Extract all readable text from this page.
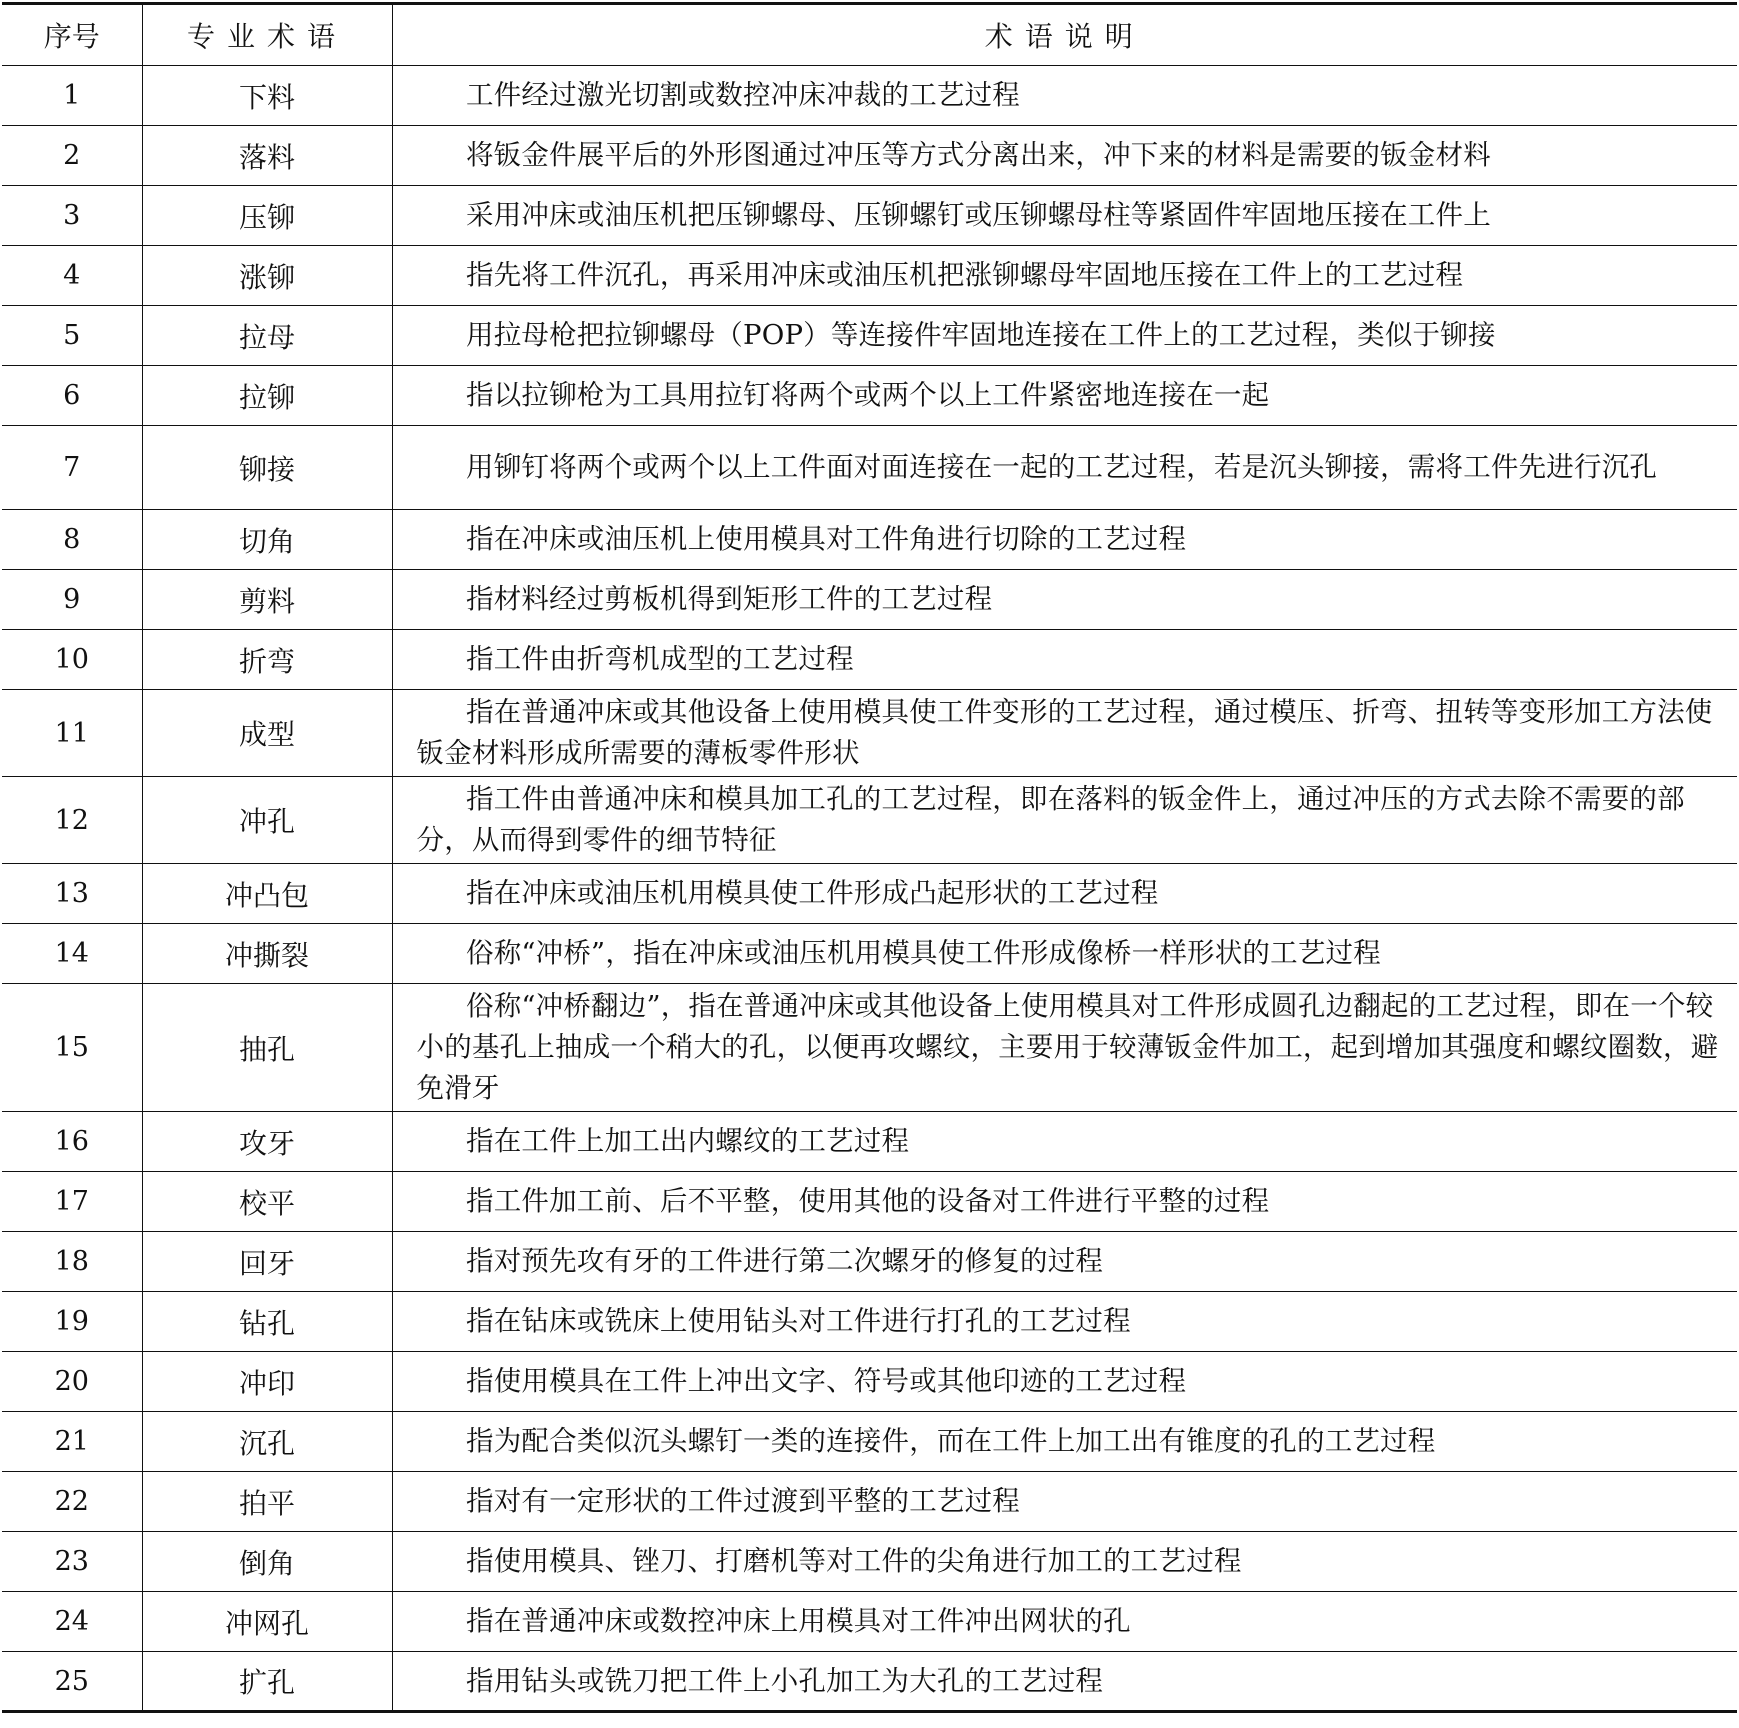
序号	专业术语	术语说明
1	下料	工件经过激光切割或数控冲床冲裁的工艺过程
2	落料	将钣金件展平后的外形图通过冲压等方式分离出来，冲下来的材料是需要的钣金材料
3	压铆	采用冲床或油压机把压铆螺母、压铆螺钉或压铆螺母柱等紧固件牢固地压接在工件上
4	涨铆	指先将工件沉孔，再采用冲床或油压机把涨铆螺母牢固地压接在工件上的工艺过程
5	拉母	用拉母枪把拉铆螺母（POP）等连接件牢固地连接在工件上的工艺过程，类似于铆接
6	拉铆	指以拉铆枪为工具用拉钉将两个或两个以上工件紧密地连接在一起
7	铆接	用铆钉将两个或两个以上工件面对面连接在一起的工艺过程，若是沉头铆接，需将工件先进行沉孔
8	切角	指在冲床或油压机上使用模具对工件角进行切除的工艺过程
9	剪料	指材料经过剪板机得到矩形工件的工艺过程
10	折弯	指工件由折弯机成型的工艺过程
11	成型	指在普通冲床或其他设备上使用模具使工件变形的工艺过程，通过模压、折弯、扭转等变形加工方法使钣金材料形成所需要的薄板零件形状
12	冲孔	指工件由普通冲床和模具加工孔的工艺过程，即在落料的钣金件上，通过冲压的方式去除不需要的部分，从而得到零件的细节特征
13	冲凸包	指在冲床或油压机用模具使工件形成凸起形状的工艺过程
14	冲撕裂	俗称“冲桥”，指在冲床或油压机用模具使工件形成像桥一样形状的工艺过程
15	抽孔	俗称“冲桥翻边”，指在普通冲床或其他设备上使用模具对工件形成圆孔边翻起的工艺过程，即在一个较小的基孔上抽成一个稍大的孔，以便再攻螺纹，主要用于较薄钣金件加工，起到增加其强度和螺纹圈数，避免滑牙
16	攻牙	指在工件上加工出内螺纹的工艺过程
17	校平	指工件加工前、后不平整，使用其他的设备对工件进行平整的过程
18	回牙	指对预先攻有牙的工件进行第二次螺牙的修复的过程
19	钻孔	指在钻床或铣床上使用钻头对工件进行打孔的工艺过程
20	冲印	指使用模具在工件上冲出文字、符号或其他印迹的工艺过程
21	沉孔	指为配合类似沉头螺钉一类的连接件，而在工件上加工出有锥度的孔的工艺过程
22	拍平	指对有一定形状的工件过渡到平整的工艺过程
23	倒角	指使用模具、锉刀、打磨机等对工件的尖角进行加工的工艺过程
24	冲网孔	指在普通冲床或数控冲床上用模具对工件冲出网状的孔
25	扩孔	指用钻头或铣刀把工件上小孔加工为大孔的工艺过程
